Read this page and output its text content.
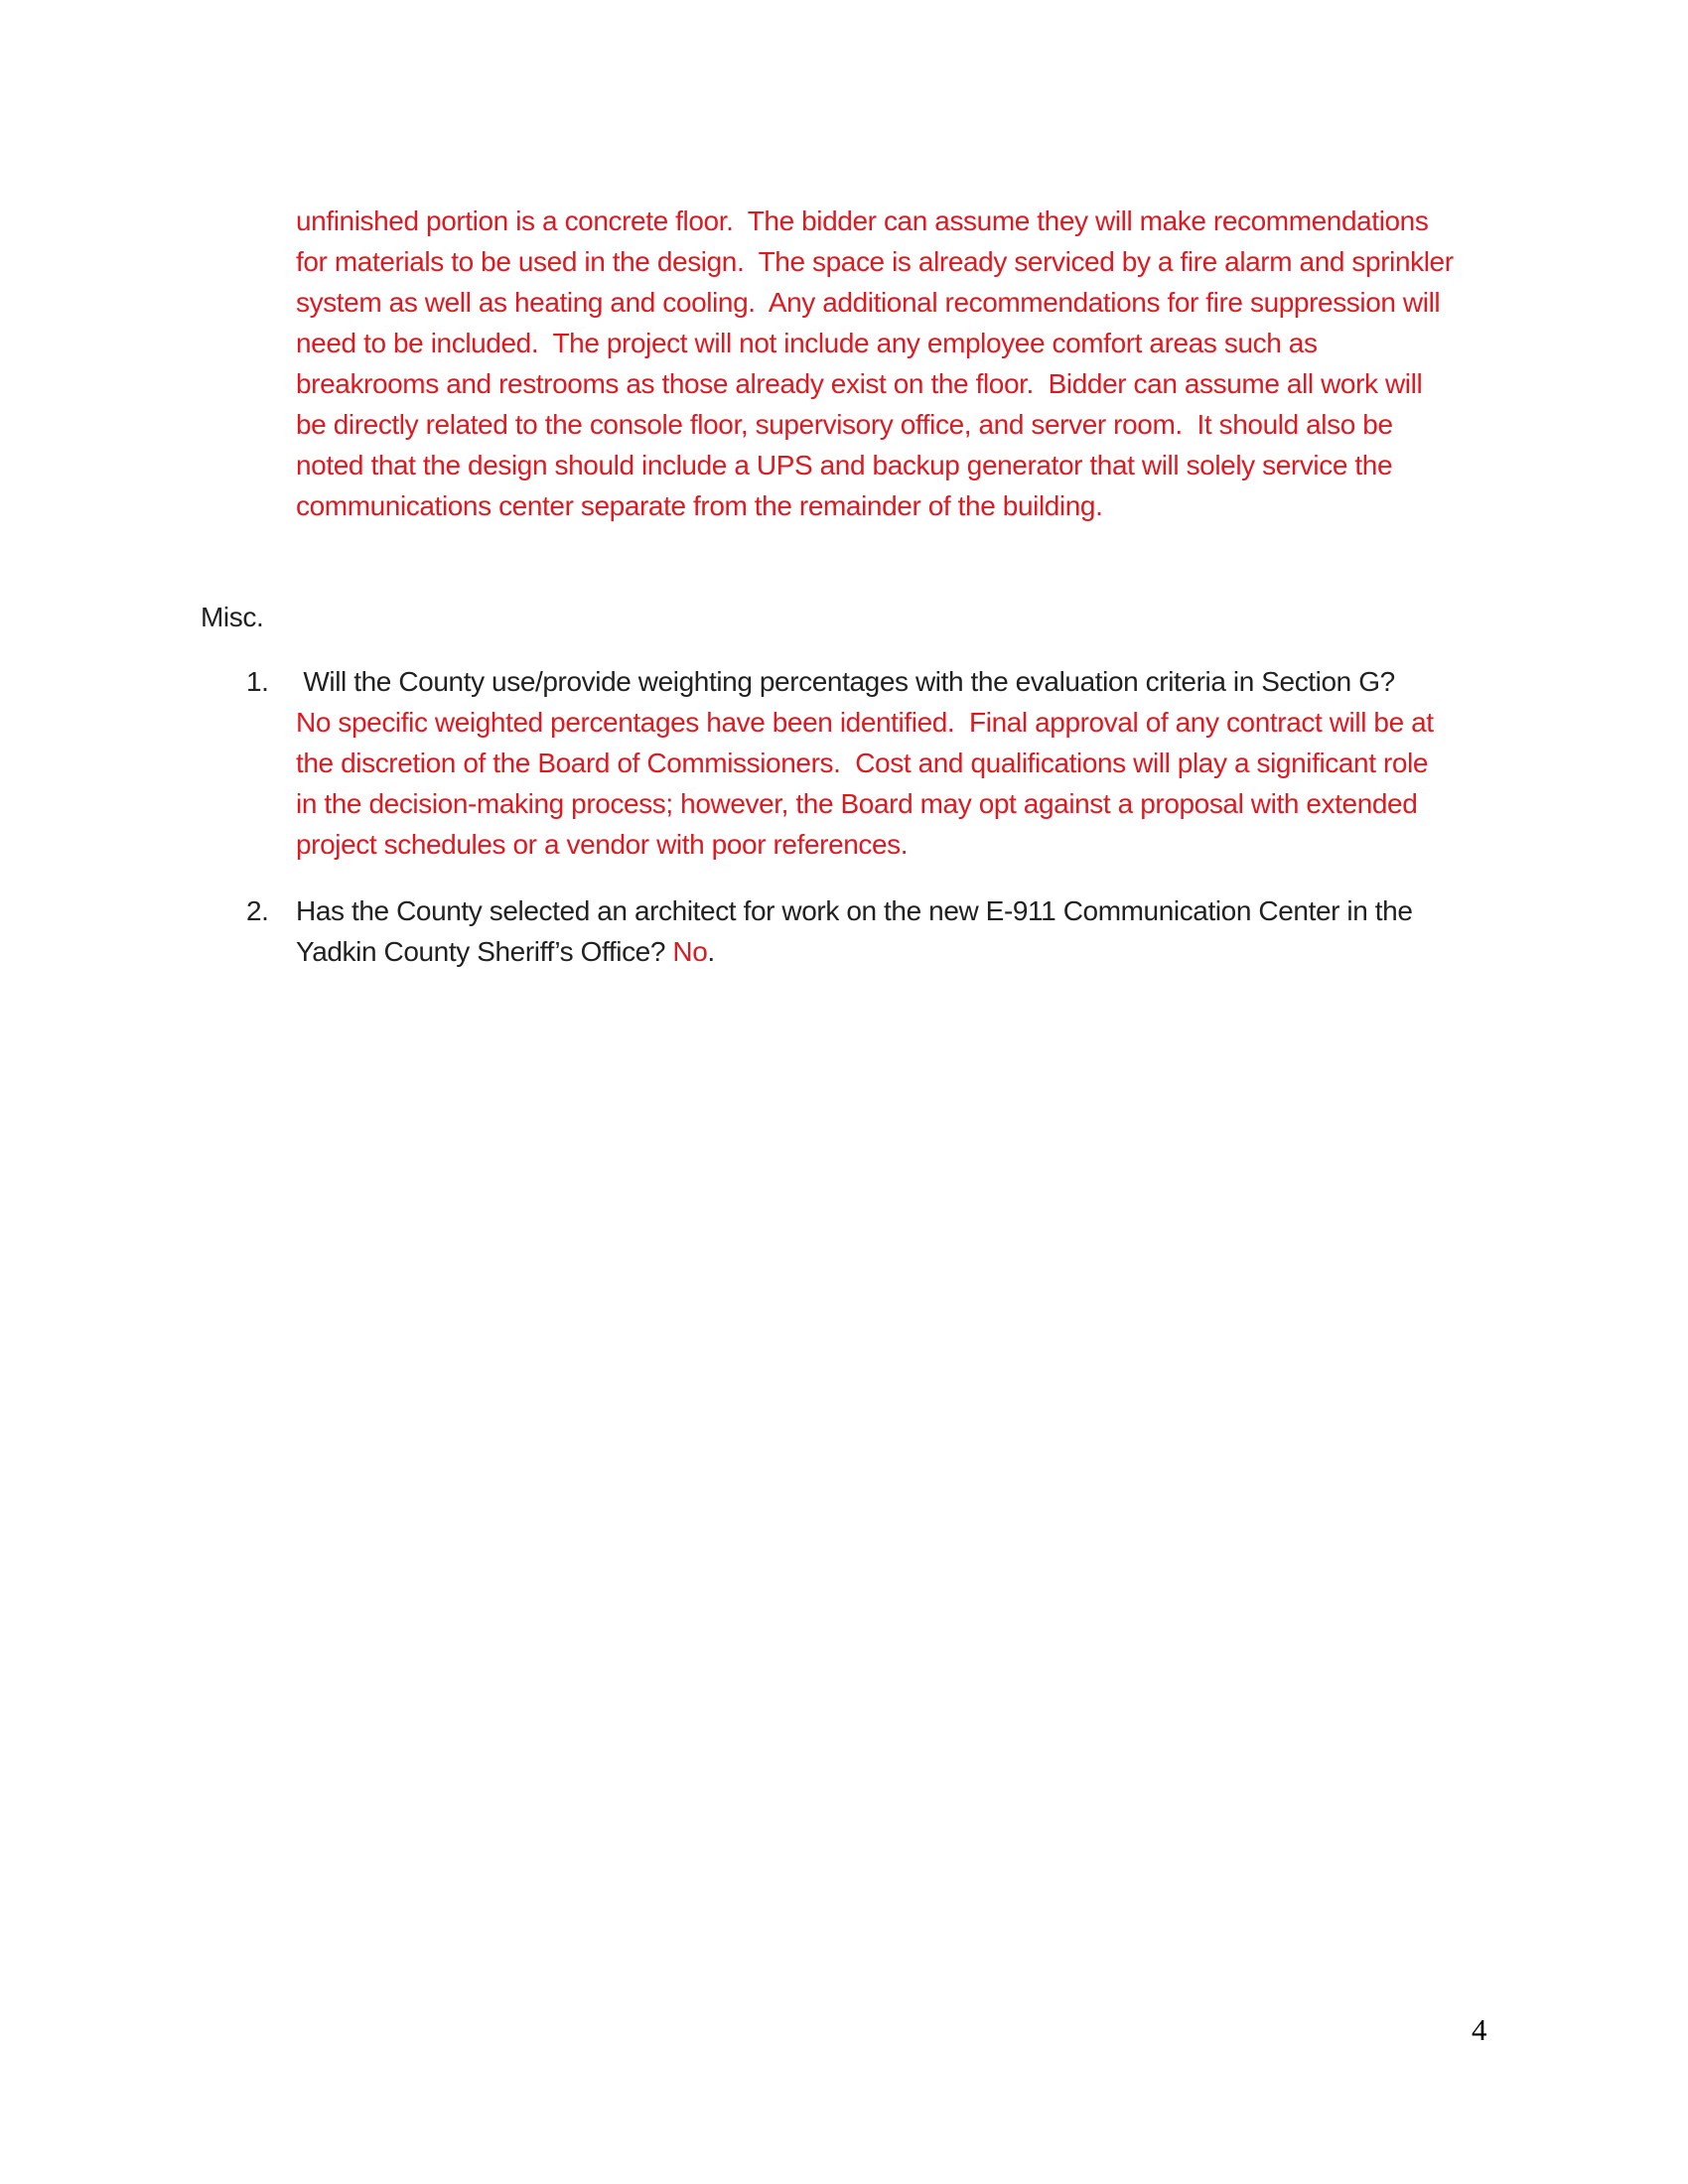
unfinished portion is a concrete floor.  The bidder can assume they will make recommendations
for materials to be used in the design.  The space is already serviced by a fire alarm and sprinkler
system as well as heating and cooling.  Any additional recommendations for fire suppression will
need to be included.  The project will not include any employee comfort areas such as
breakrooms and restrooms as those already exist on the floor.  Bidder can assume all work will
be directly related to the console floor, supervisory office, and server room.  It should also be
noted that the design should include a UPS and backup generator that will solely service the
communications center separate from the remainder of the building.
Misc.
1. Will the County use/provide weighting percentages with the evaluation criteria in Section G?
No specific weighted percentages have been identified.  Final approval of any contract will be at
the discretion of the Board of Commissioners.  Cost and qualifications will play a significant role
in the decision-making process; however, the Board may opt against a proposal with extended
project schedules or a vendor with poor references.
2. Has the County selected an architect for work on the new E-911 Communication Center in the
Yadkin County Sheriff’s Office? No.
4
